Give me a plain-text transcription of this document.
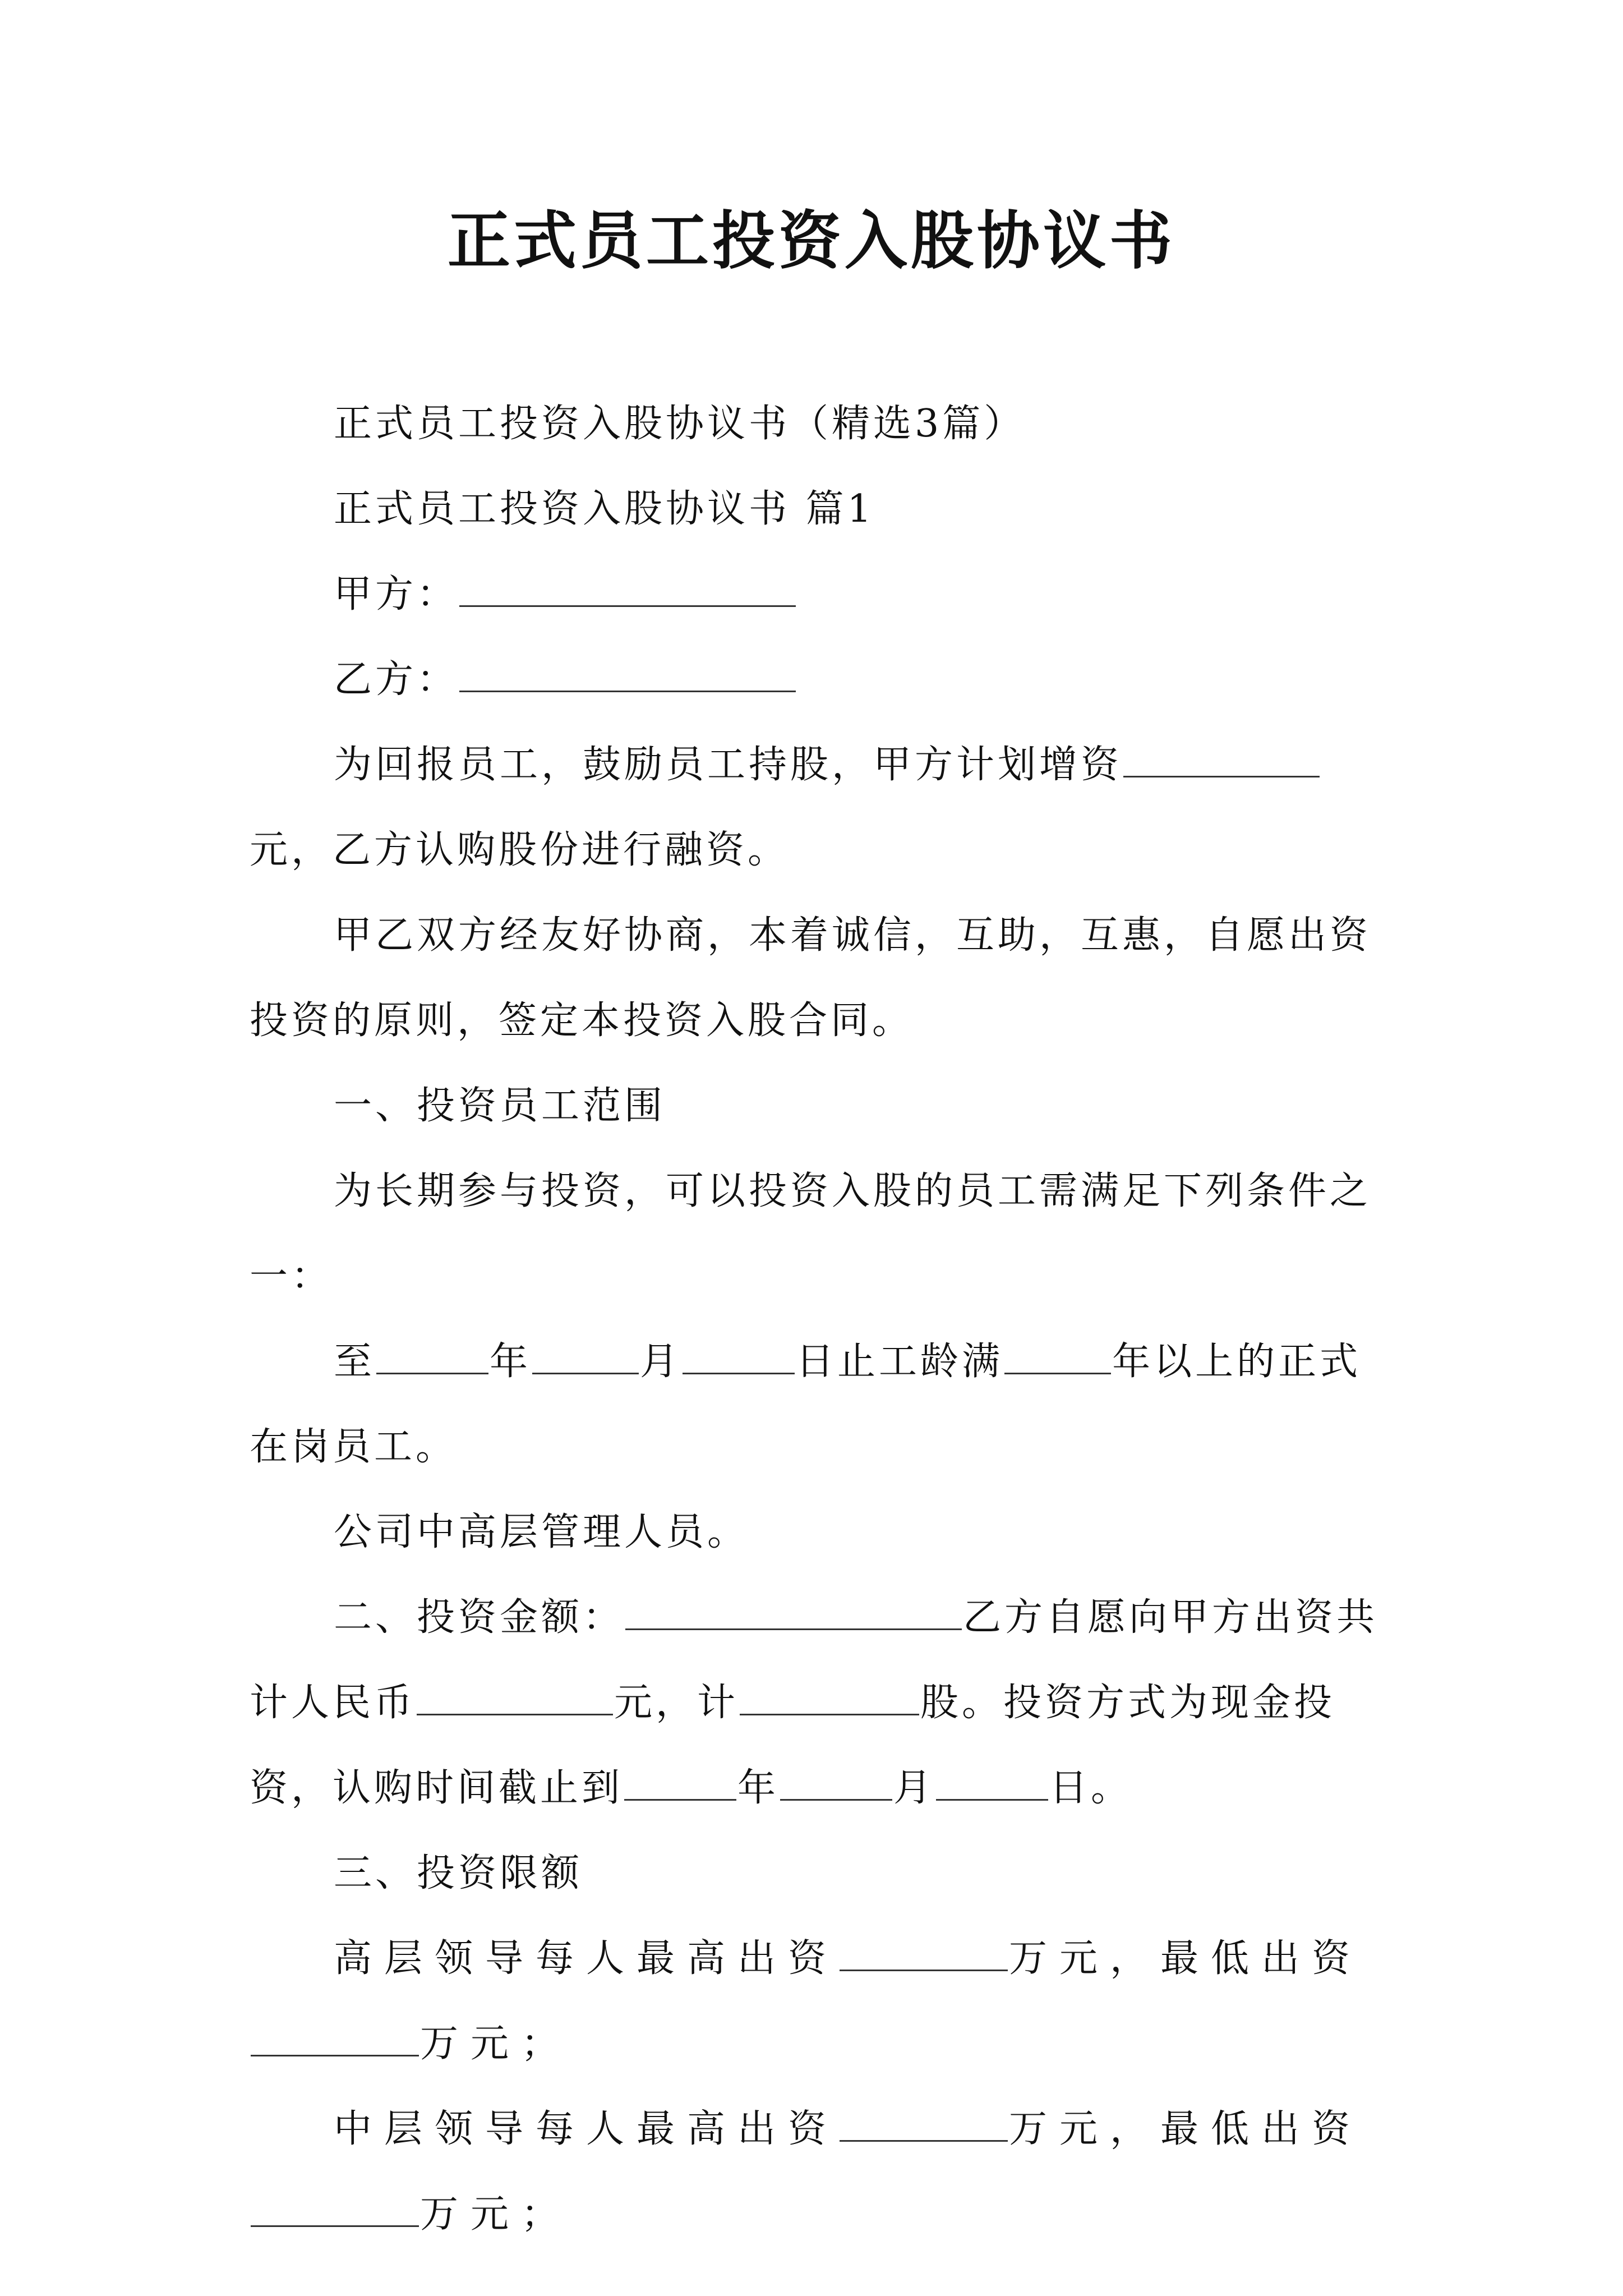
正式员工投资入股协议书

正式员工投资入股协议书（精选3篇）

正式员工投资入股协议书 篇1

甲方：

乙方：

为回报员工，鼓励员工持股，甲方计划增资元，乙方认购股份进行融资。

甲乙双方经友好协商，本着诚信，互助，互惠，自愿出资投资的原则，签定本投资入股合同。

一、投资员工范围

为长期参与投资，可以投资入股的员工需满足下列条件之一：

至	年	月	日止工龄满	年以上的正式在岗员工。

公司中高层管理人员。

二、投资金额：	乙方自愿向甲方出资共计人民币	元，计	股。投资方式为现金投资，认购时间截止到	年	月	日。

三、投资限额

高层领导每人最高出资	万元，最低出资万元；

中层领导每人最高出资	万元，最低出资万元；
